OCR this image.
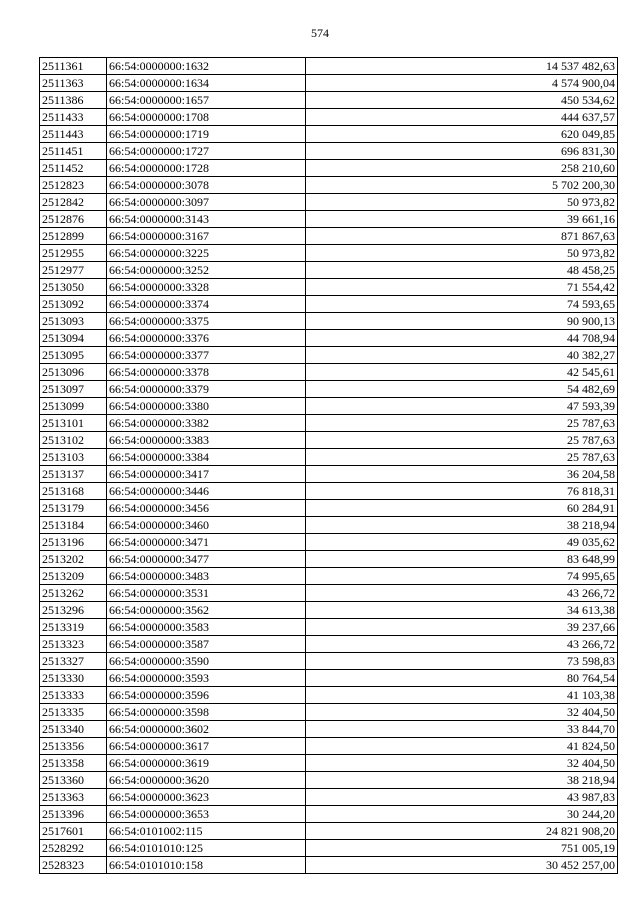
574
2511361	66:54:0000000:1632	14 537 482,63
2511363	66:54:0000000:1634	4 574 900,04
2511386	66:54:0000000:1657	450 534,62
2511433	66:54:0000000:1708	444 637,57
2511443	66:54:0000000:1719	620 049,85
2511451	66:54:0000000:1727	696 831,30
2511452	66:54:0000000:1728	258 210,60
2512823	66:54:0000000:3078	5 702 200,30
2512842	66:54:0000000:3097	50 973,82
2512876	66:54:0000000:3143	39 661,16
2512899	66:54:0000000:3167	871 867,63
2512955	66:54:0000000:3225	50 973,82
2512977	66:54:0000000:3252	48 458,25
2513050	66:54:0000000:3328	71 554,42
2513092	66:54:0000000:3374	74 593,65
2513093	66:54:0000000:3375	90 900,13
2513094	66:54:0000000:3376	44 708,94
2513095	66:54:0000000:3377	40 382,27
2513096	66:54:0000000:3378	42 545,61
2513097	66:54:0000000:3379	54 482,69
2513099	66:54:0000000:3380	47 593,39
2513101	66:54:0000000:3382	25 787,63
2513102	66:54:0000000:3383	25 787,63
2513103	66:54:0000000:3384	25 787,63
2513137	66:54:0000000:3417	36 204,58
2513168	66:54:0000000:3446	76 818,31
2513179	66:54:0000000:3456	60 284,91
2513184	66:54:0000000:3460	38 218,94
2513196	66:54:0000000:3471	49 035,62
2513202	66:54:0000000:3477	83 648,99
2513209	66:54:0000000:3483	74 995,65
2513262	66:54:0000000:3531	43 266,72
2513296	66:54:0000000:3562	34 613,38
2513319	66:54:0000000:3583	39 237,66
2513323	66:54:0000000:3587	43 266,72
2513327	66:54:0000000:3590	73 598,83
2513330	66:54:0000000:3593	80 764,54
2513333	66:54:0000000:3596	41 103,38
2513335	66:54:0000000:3598	32 404,50
2513340	66:54:0000000:3602	33 844,70
2513356	66:54:0000000:3617	41 824,50
2513358	66:54:0000000:3619	32 404,50
2513360	66:54:0000000:3620	38 218,94
2513363	66:54:0000000:3623	43 987,83
2513396	66:54:0000000:3653	30 244,20
2517601	66:54:0101002:115	24 821 908,20
2528292	66:54:0101010:125	751 005,19
2528323	66:54:0101010:158	30 452 257,00
